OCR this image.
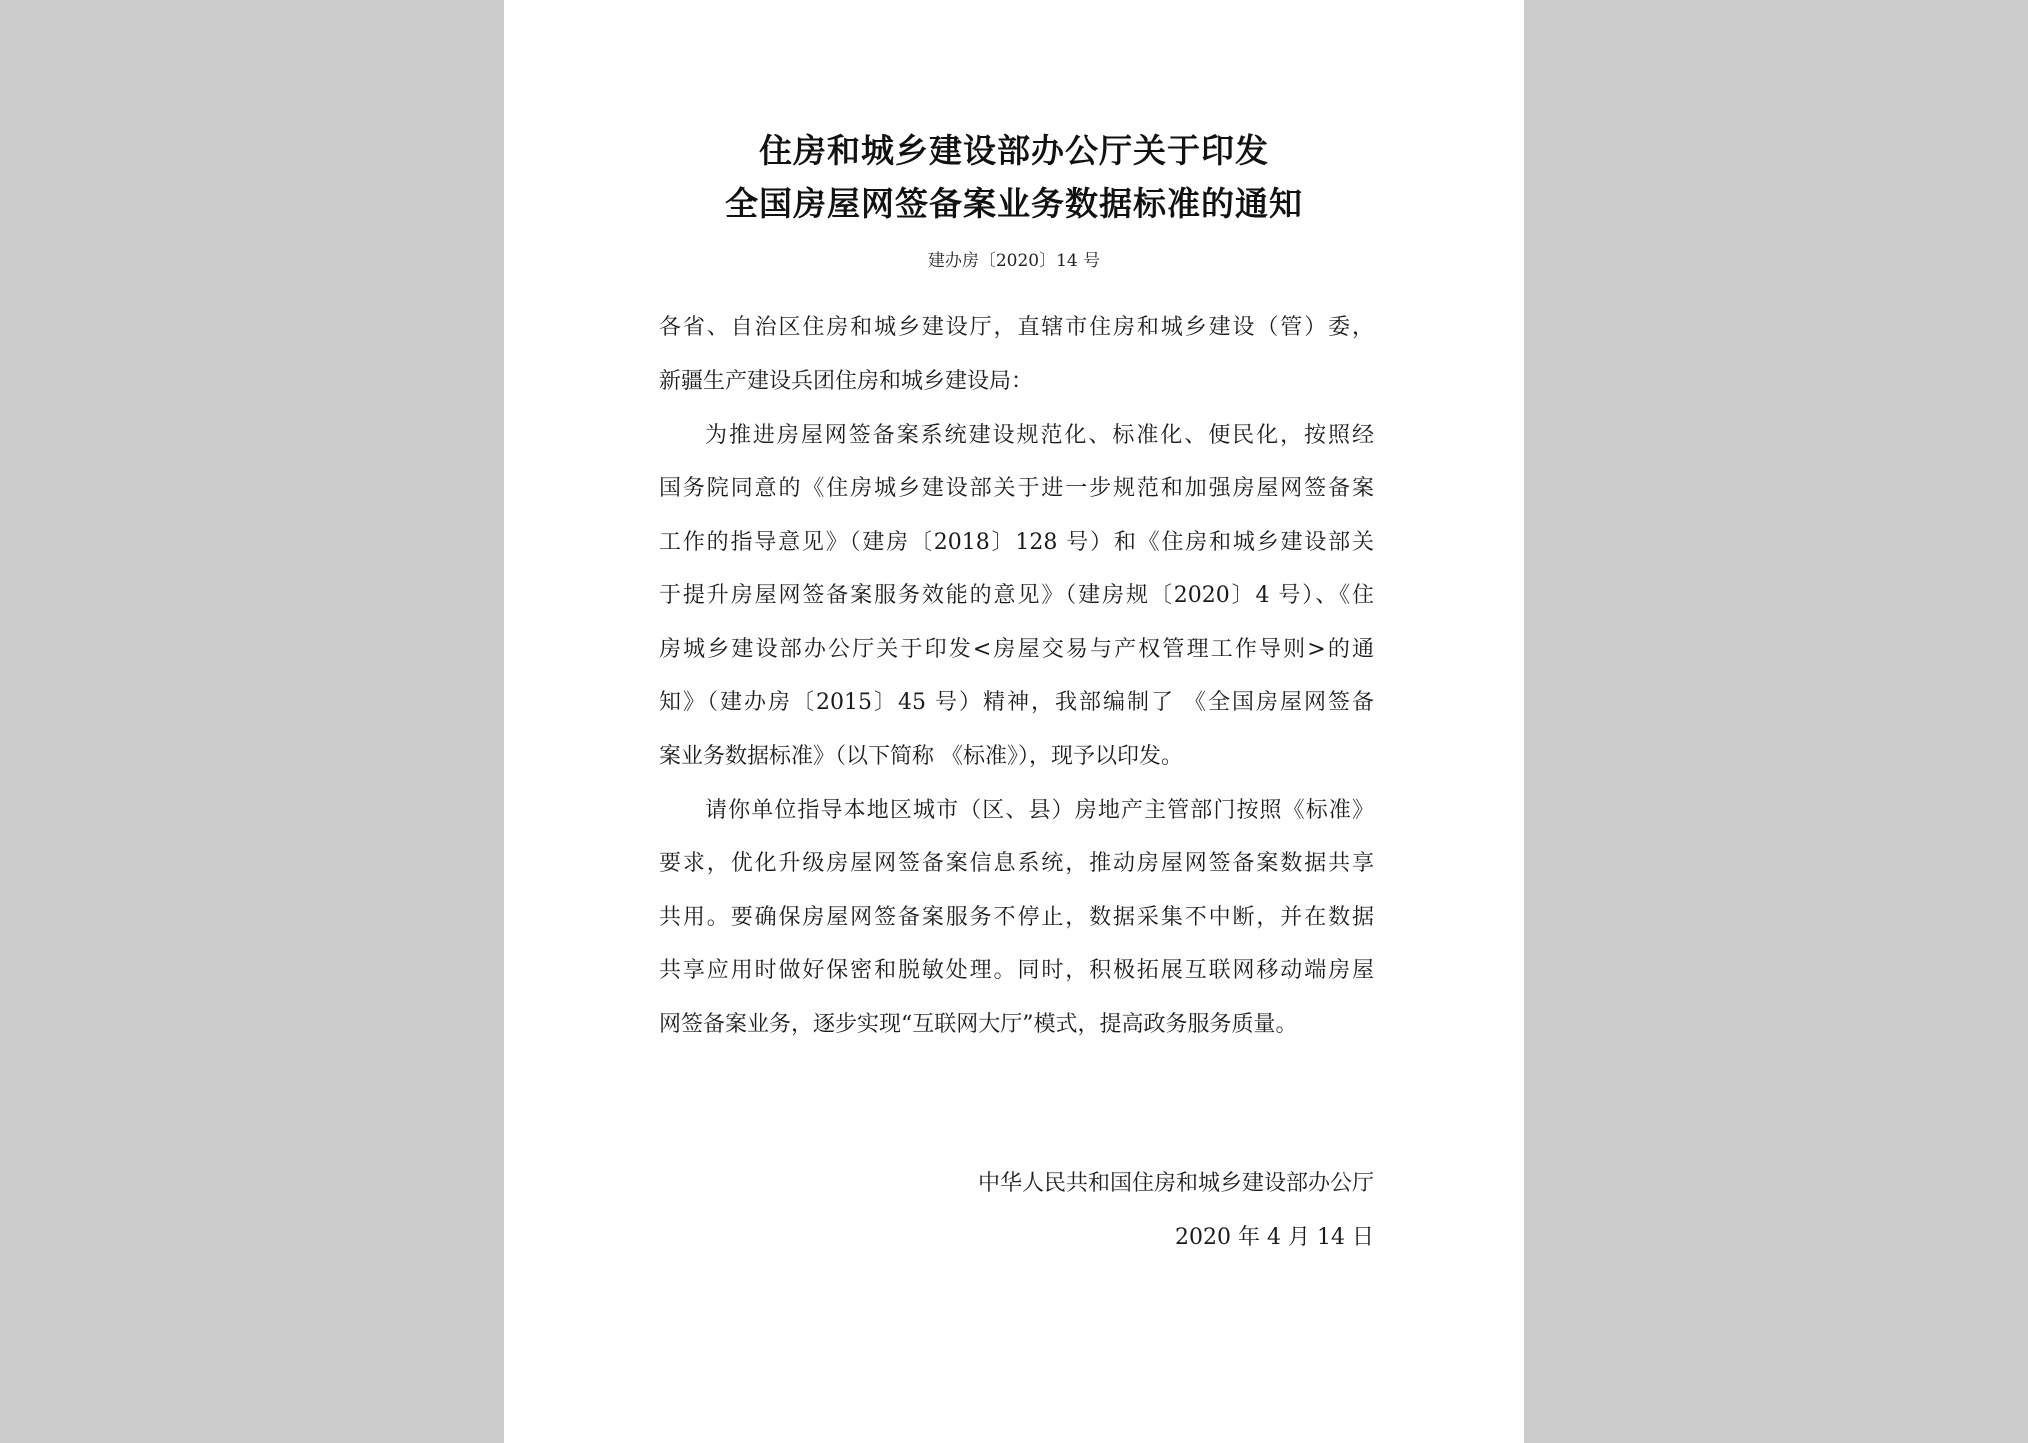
住房和城乡建设部办公厅关于印发
全国房屋网签备案业务数据标准的通知
建办房〔2020〕14 号
各省、自治区住房和城乡建设厅，直辖市住房和城乡建设（管）委，
新疆生产建设兵团住房和城乡建设局：
为推进房屋网签备案系统建设规范化、标准化、便民化，按照经
国务院同意的《住房城乡建设部关于进一步规范和加强房屋网签备案
工作的指导意见》（建房〔2018〕128 号）和《住房和城乡建设部关
于提升房屋网签备案服务效能的意见》（建房规〔2020〕4 号）、《住
房城乡建设部办公厅关于印发<房屋交易与产权管理工作导则>的通
知》（建办房〔2015〕45 号）精神，我部编制了 《全国房屋网签备
案业务数据标准》（以下简称 《标准》），现予以印发。
请你单位指导本地区城市（区、县）房地产主管部门按照《标准》
要求，优化升级房屋网签备案信息系统，推动房屋网签备案数据共享
共用。要确保房屋网签备案服务不停止，数据采集不中断，并在数据
共享应用时做好保密和脱敏处理。同时，积极拓展互联网移动端房屋
网签备案业务，逐步实现“互联网大厅”模式，提高政务服务质量。
中华人民共和国住房和城乡建设部办公厅
2020 年 4 月 14 日
